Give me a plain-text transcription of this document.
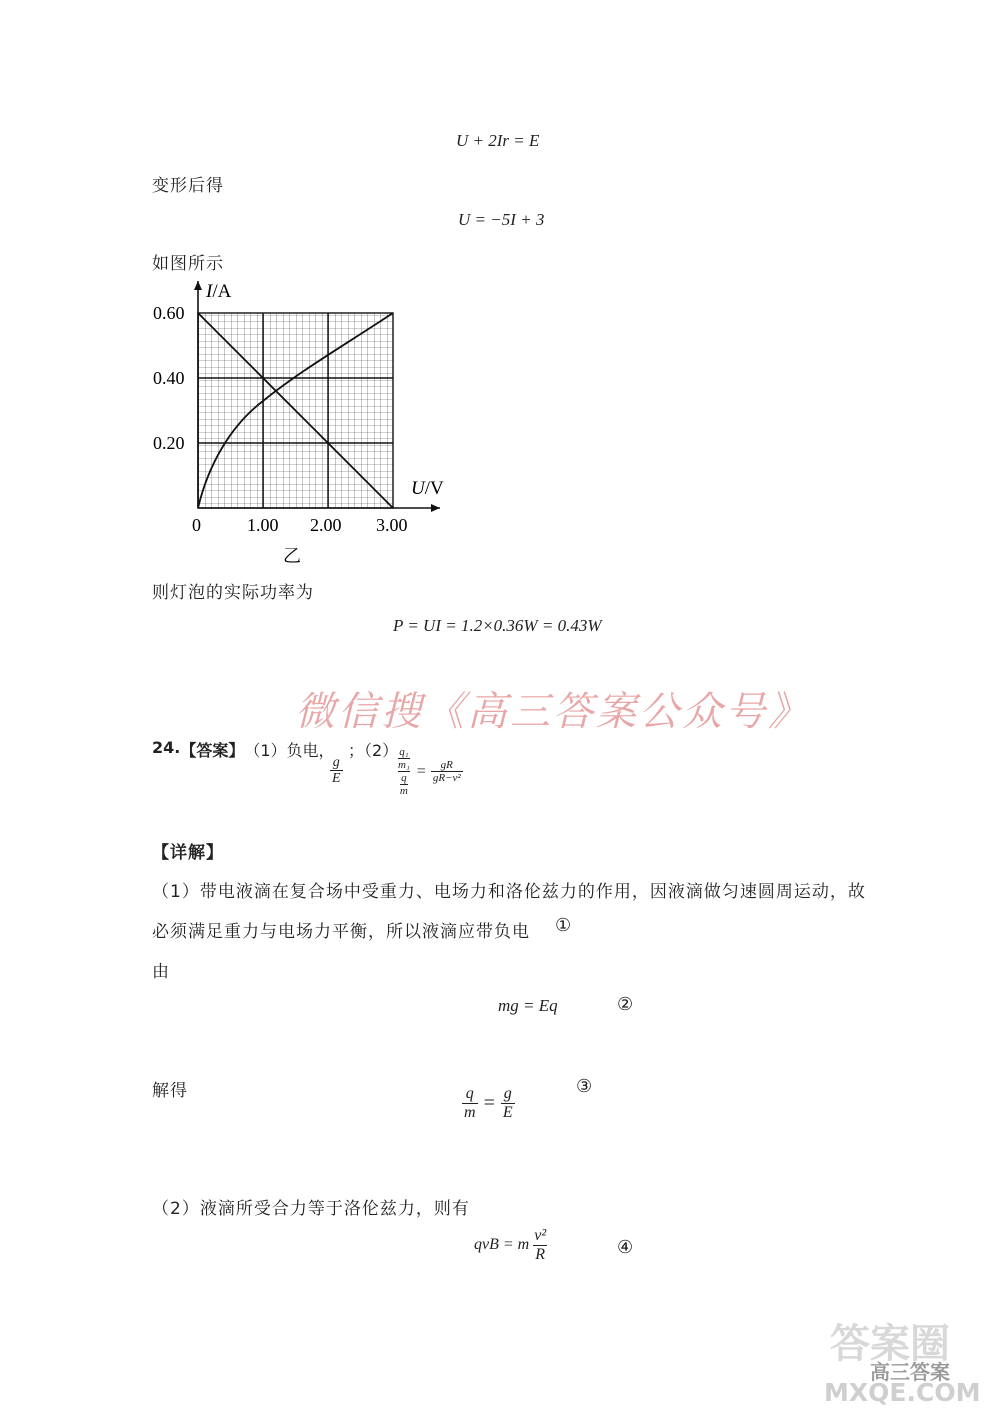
U + 2Ir = E
变形后得
U = −5I + 3
如图所示
I/A
U/V
0.60
0.40
0.20
0	1.00 2.00 3.00
乙
则灯泡的实际功率为
P = UI = 1.2×0.36W = 0.43W
微信搜《高三答案公众号》
24. 【答案】 （1）负电，
$\frac{g}{E}$
；（2）
q₁
m₁
q
$m = \frac{gR}{\text{gR−v²}}$
【详解】
（1）带电液滴在复合场中受重力、电场力和洛伦兹力的作用，因液滴做匀速圆周运动，故
必须满足重力与电场力平衡，所以液滴应带负电 ①
由
mg = Eq	②
解得	$\frac{q}{m} = \frac{g}{E}$	③
（2）液滴所受合力等于洛伦兹力，则有
qvB = m $\frac{\text{v²}}{R}$	④
答案圈
高三答案
MXQE.COM
